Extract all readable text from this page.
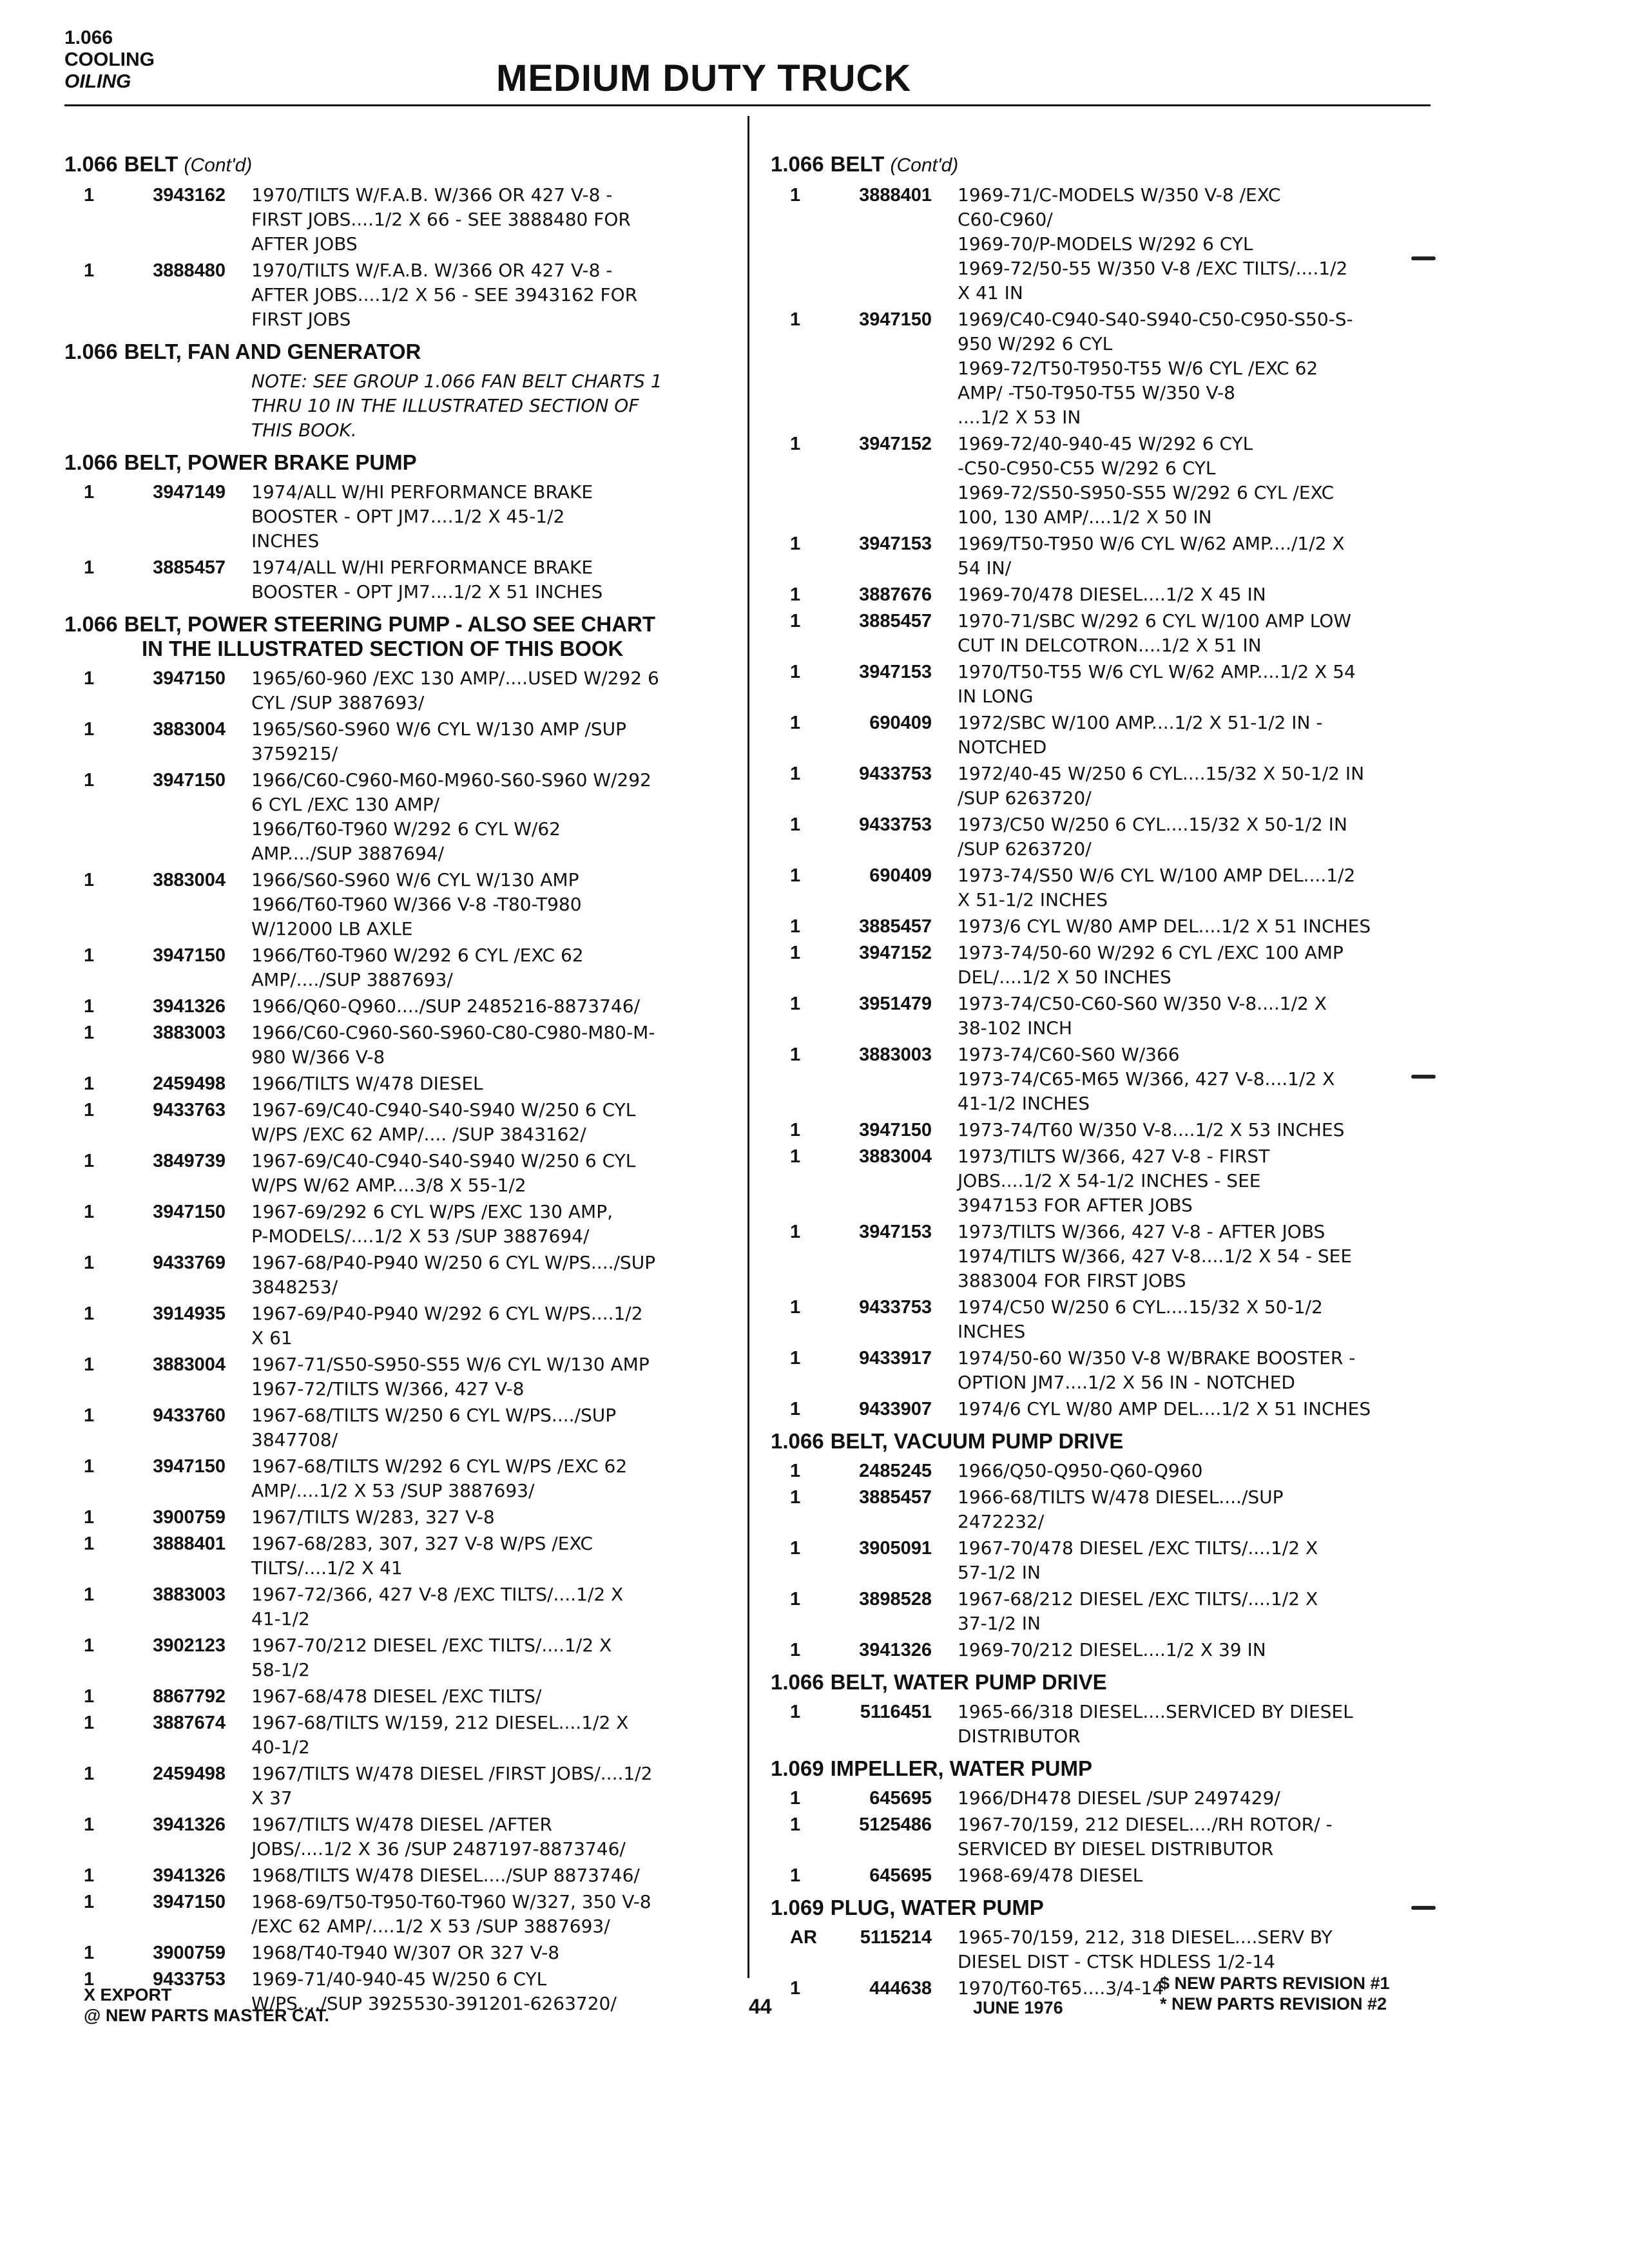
1.066
COOLING
OILING	MEDIUM DUTY TRUCK
1.066 BELT (Cont'd)
1	3943162 1970/TILTS W/F.A.B. W/366 OR 427 V-8 -
FIRST JOBS....1/2 X 66 - SEE 3888480 FOR
AFTER JOBS
1	3888480 1970/TILTS W/F.A.B. W/366 OR 427 V-8 -
AFTER JOBS....1/2 X 56 - SEE 3943162 FOR
FIRST JOBS
1.066 BELT, FAN AND GENERATOR
NOTE: SEE GROUP 1.066 FAN BELT CHARTS 1
THRU 10 IN THE ILLUSTRATED SECTION OF
THIS BOOK.
1.066 BELT, POWER BRAKE PUMP
1	3947149 1974/ALL W/HI PERFORMANCE BRAKE
BOOSTER - OPT JM7....1/2 X 45-1/2
INCHES
1	3885457 1974/ALL W/HI PERFORMANCE BRAKE
BOOSTER - OPT JM7....1/2 X 51 INCHES
1.066 BELT, POWER STEERING PUMP - ALSO SEE CHART
IN THE ILLUSTRATED SECTION OF THIS BOOK
1	3947150 1965/60-960 /EXC 130 AMP/....USED W/292 6
CYL /SUP 3887693/
1	3883004 1965/S60-S960 W/6 CYL W/130 AMP /SUP
3759215/
1	3947150 1966/C60-C960-M60-M960-S60-S960 W/292
6 CYL /EXC 130 AMP/
1966/T60-T960 W/292 6 CYL W/62
AMP..../SUP 3887694/
1	3883004 1966/S60-S960 W/6 CYL W/130 AMP
1966/T60-T960 W/366 V-8 -T80-T980
W/12000 LB AXLE
1	3947150 1966/T60-T960 W/292 6 CYL /EXC 62
AMP/..../SUP 3887693/
1	3941326 1966/Q60-Q960..../SUP 2485216-8873746/
1	3883003 1966/C60-C960-S60-S960-C80-C980-M80-M-
980 W/366 V-8
1	2459498 1966/TILTS W/478 DIESEL
1	9433763 1967-69/C40-C940-S40-S940 W/250 6 CYL
W/PS /EXC 62 AMP/.... /SUP 3843162/
1	3849739 1967-69/C40-C940-S40-S940 W/250 6 CYL
W/PS W/62 AMP....3/8 X 55-1/2
1	3947150 1967-69/292 6 CYL W/PS /EXC 130 AMP,
P-MODELS/....1/2 X 53 /SUP 3887694/
1	9433769 1967-68/P40-P940 W/250 6 CYL W/PS..../SUP
3848253/
1	3914935 1967-69/P40-P940 W/292 6 CYL W/PS....1/2
X 61
1	3883004 1967-71/S50-S950-S55 W/6 CYL W/130 AMP
1967-72/TILTS W/366, 427 V-8
1	9433760 1967-68/TILTS W/250 6 CYL W/PS..../SUP
3847708/
1	3947150 1967-68/TILTS W/292 6 CYL W/PS /EXC 62
AMP/....1/2 X 53 /SUP 3887693/
1	3900759 1967/TILTS W/283, 327 V-8
1	3888401 1967-68/283, 307, 327 V-8 W/PS /EXC
TILTS/....1/2 X 41
1	3883003 1967-72/366, 427 V-8 /EXC TILTS/....1/2 X
41-1/2
1	3902123 1967-70/212 DIESEL /EXC TILTS/....1/2 X
58-1/2
1	8867792 1967-68/478 DIESEL /EXC TILTS/
1	3887674 1967-68/TILTS W/159, 212 DIESEL....1/2 X
40-1/2
1	2459498 1967/TILTS W/478 DIESEL /FIRST JOBS/....1/2
X 37
1	3941326 1967/TILTS W/478 DIESEL /AFTER
JOBS/....1/2 X 36 /SUP 2487197-8873746/
1	3941326 1968/TILTS W/478 DIESEL..../SUP 8873746/
1	3947150 1968-69/T50-T950-T60-T960 W/327, 350 V-8
/EXC 62 AMP/....1/2 X 53 /SUP 3887693/
1	3900759 1968/T40-T940 W/307 OR 327 V-8
1	9433753 1969-71/40-940-45 W/250 6 CYL
W/PS..../SUP 3925530-391201-6263720/
1.066 BELT (Cont'd)
1	3888401 1969-71/C-MODELS W/350 V-8 /EXC
C60-C960/
1969-70/P-MODELS W/292 6 CYL
1969-72/50-55 W/350 V-8 /EXC TILTS/....1/2
X 41 IN
1	3947150 1969/C40-C940-S40-S940-C50-C950-S50-S-
950 W/292 6 CYL
1969-72/T50-T950-T55 W/6 CYL /EXC 62
AMP/ -T50-T950-T55 W/350 V-8
....1/2 X 53 IN
1	3947152 1969-72/40-940-45 W/292 6 CYL
-C50-C950-C55 W/292 6 CYL
1969-72/S50-S950-S55 W/292 6 CYL /EXC
100, 130 AMP/....1/2 X 50 IN
1	3947153 1969/T50-T950 W/6 CYL W/62 AMP..../1/2 X
54 IN/
1	3887676 1969-70/478 DIESEL....1/2 X 45 IN
1	3885457 1970-71/SBC W/292 6 CYL W/100 AMP LOW
CUT IN DELCOTRON....1/2 X 51 IN
1	3947153 1970/T50-T55 W/6 CYL W/62 AMP....1/2 X 54
IN LONG
1	690409 1972/SBC W/100 AMP....1/2 X 51-1/2 IN -
NOTCHED
1	9433753 1972/40-45 W/250 6 CYL....15/32 X 50-1/2 IN
/SUP 6263720/
1	9433753 1973/C50 W/250 6 CYL....15/32 X 50-1/2 IN
/SUP 6263720/
1	690409 1973-74/S50 W/6 CYL W/100 AMP DEL....1/2
X 51-1/2 INCHES
1	3885457 1973/6 CYL W/80 AMP DEL....1/2 X 51 INCHES
1	3947152 1973-74/50-60 W/292 6 CYL /EXC 100 AMP
DEL/....1/2 X 50 INCHES
1	3951479 1973-74/C50-C60-S60 W/350 V-8....1/2 X
38-102 INCH
1	3883003 1973-74/C60-S60 W/366
1973-74/C65-M65 W/366, 427 V-8....1/2 X
41-1/2 INCHES
1	3947150 1973-74/T60 W/350 V-8....1/2 X 53 INCHES
1	3883004 1973/TILTS W/366, 427 V-8 - FIRST
JOBS....1/2 X 54-1/2 INCHES - SEE
3947153 FOR AFTER JOBS
1	3947153 1973/TILTS W/366, 427 V-8 - AFTER JOBS
1974/TILTS W/366, 427 V-8....1/2 X 54 - SEE
3883004 FOR FIRST JOBS
1	9433753 1974/C50 W/250 6 CYL....15/32 X 50-1/2
INCHES
1	9433917 1974/50-60 W/350 V-8 W/BRAKE BOOSTER -
OPTION JM7....1/2 X 56 IN - NOTCHED
1	9433907 1974/6 CYL W/80 AMP DEL....1/2 X 51 INCHES
1.066 BELT, VACUUM PUMP DRIVE
1	2485245 1966/Q50-Q950-Q60-Q960
1	3885457 1966-68/TILTS W/478 DIESEL..../SUP
2472232/
1	3905091 1967-70/478 DIESEL /EXC TILTS/....1/2 X
57-1/2 IN
1	3898528 1967-68/212 DIESEL /EXC TILTS/....1/2 X
37-1/2 IN
1	3941326 1969-70/212 DIESEL....1/2 X 39 IN
1.066 BELT, WATER PUMP DRIVE
1	5116451 1965-66/318 DIESEL....SERVICED BY DIESEL
DISTRIBUTOR
1.069 IMPELLER, WATER PUMP
1	645695 1966/DH478 DIESEL /SUP 2497429/
1	5125486 1967-70/159, 212 DIESEL..../RH ROTOR/ -
SERVICED BY DIESEL DISTRIBUTOR
1	645695 1968-69/478 DIESEL
1.069 PLUG, WATER PUMP
AR	5115214 1965-70/159, 212, 318 DIESEL....SERV BY
DIESEL DIST - CTSK HDLESS 1/2-14
1	444638 1970/T60-T65....3/4-14
X EXPORT
@ NEW PARTS MASTER CAT.	44	JUNE 1976
$ NEW PARTS REVISION #1
* NEW PARTS REVISION #2
